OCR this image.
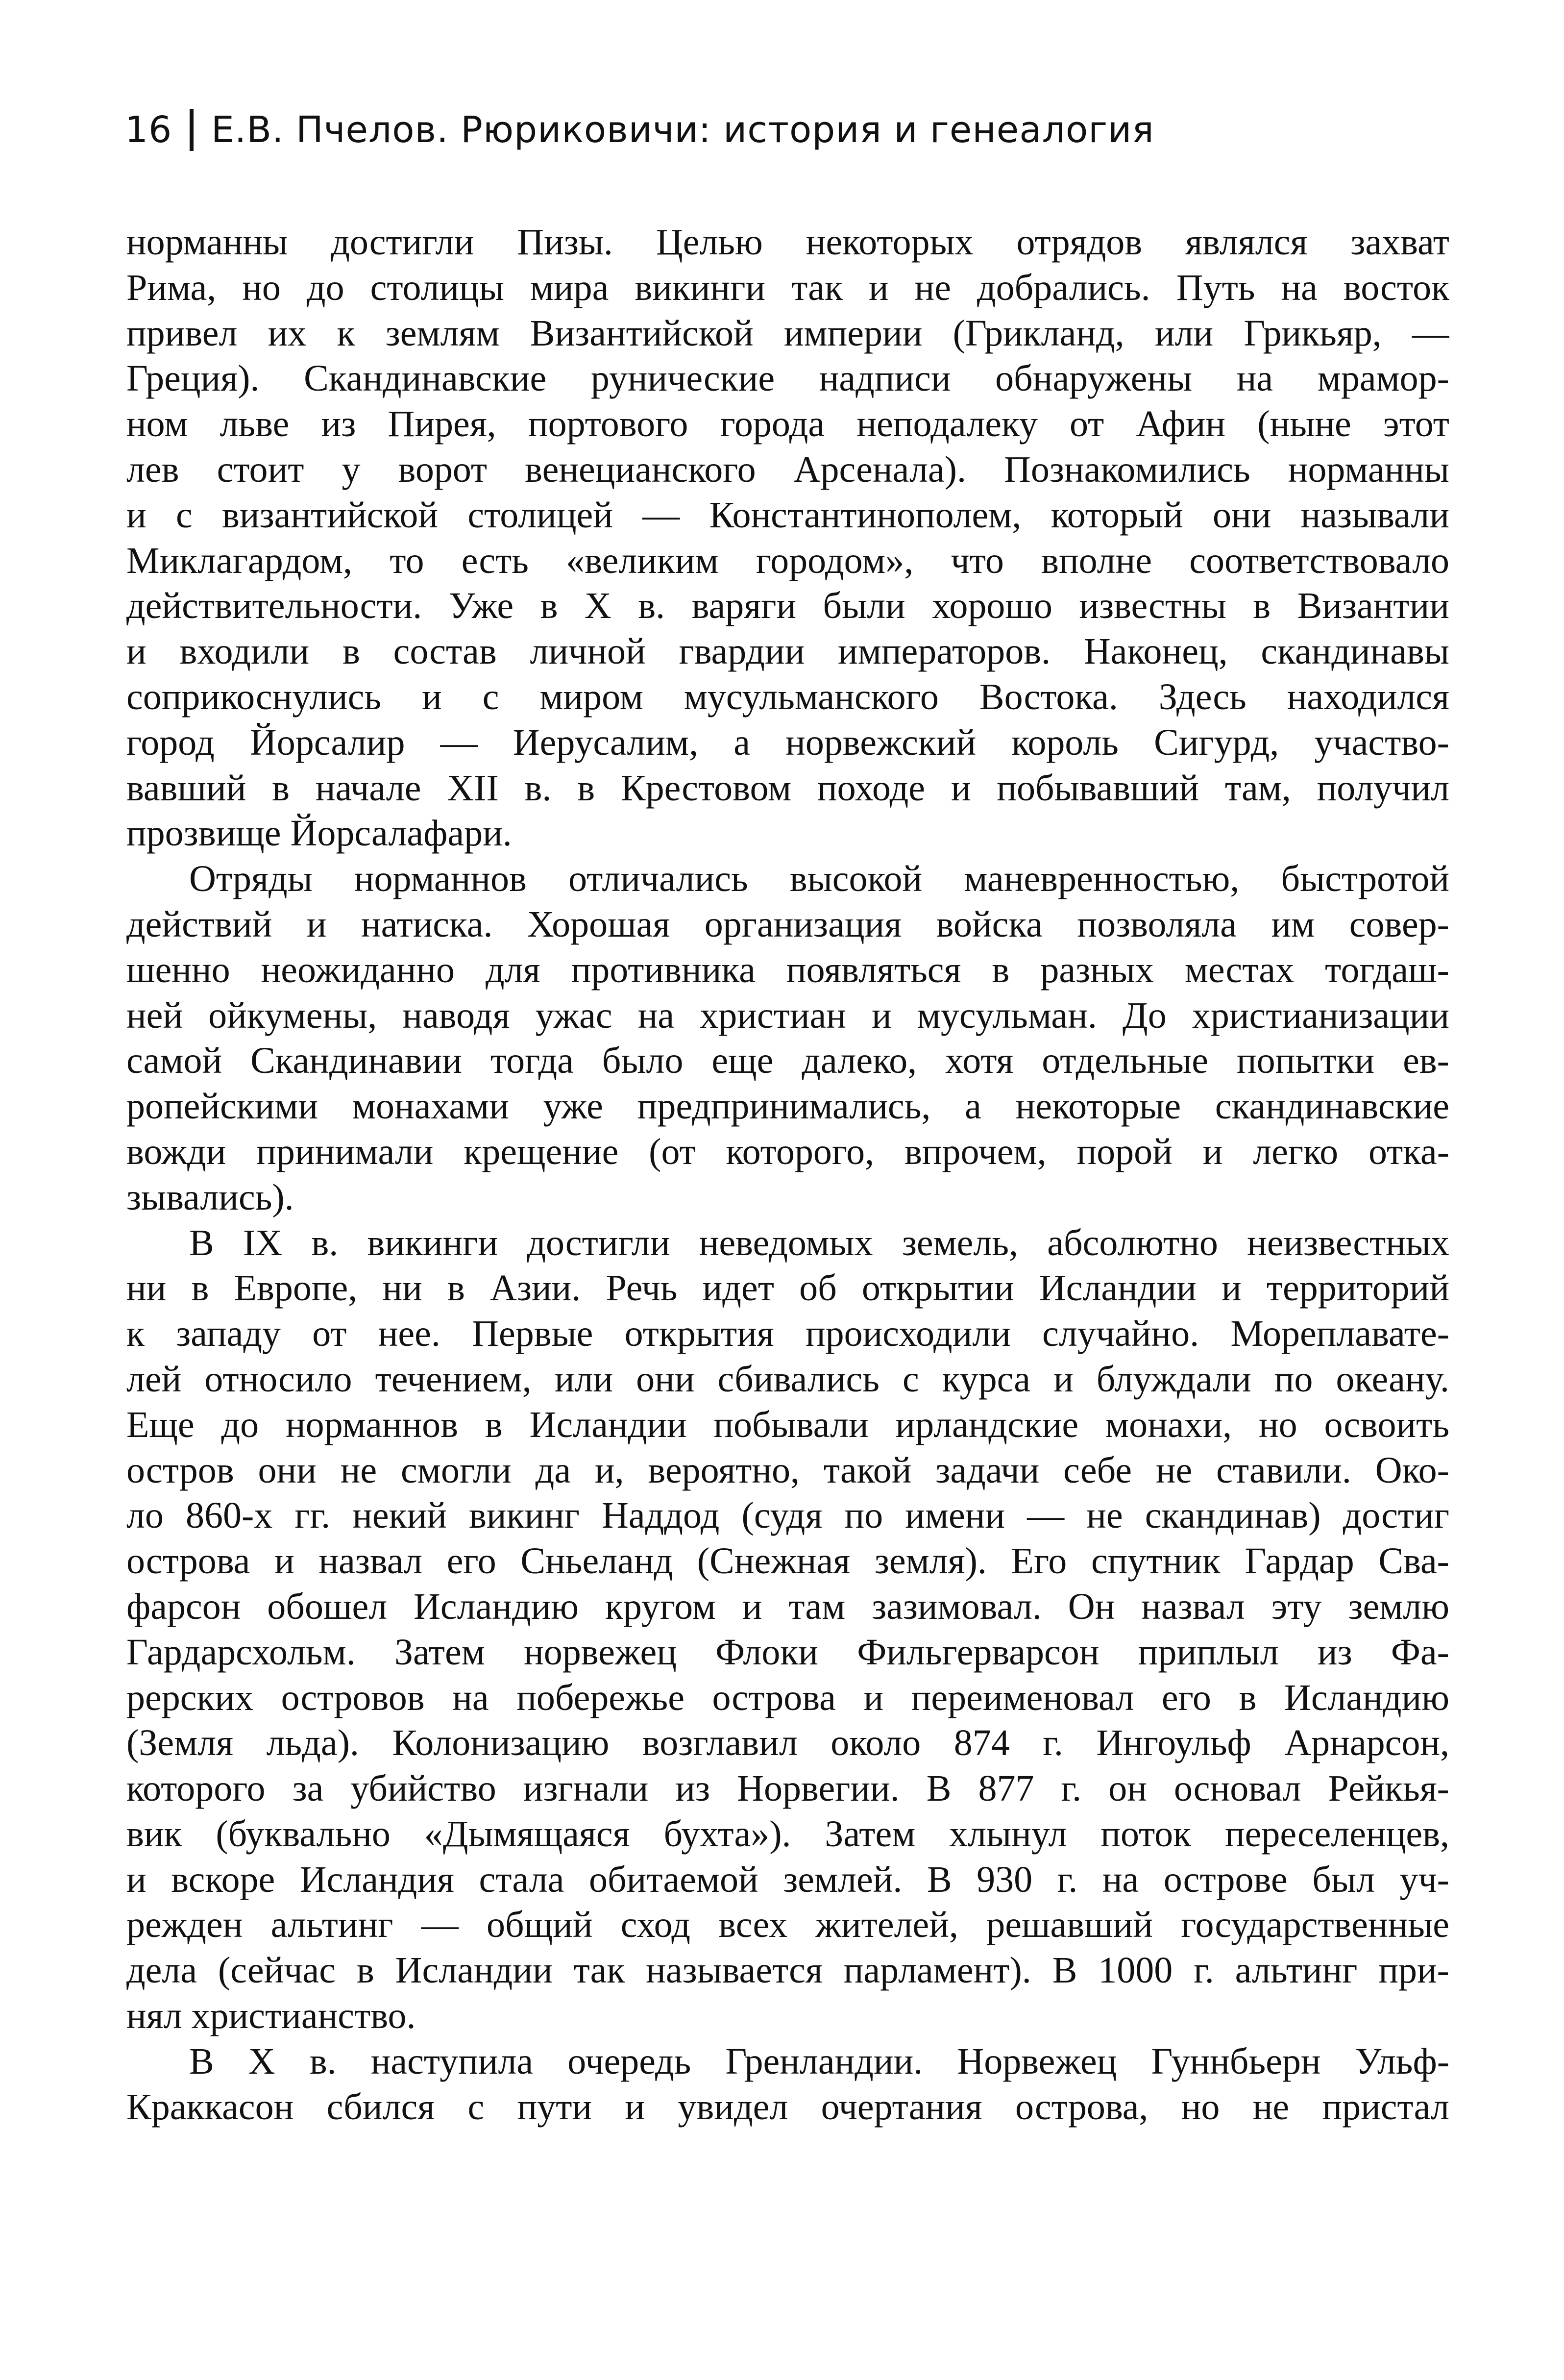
16 Е.В. Пчелов. Рюриковичи: история и генеалогия
норманны достигли Пизы. Целью некоторых отрядов являлся захват
Рима, но до столицы мира викинги так и не добрались. Путь на восток
привел их к землям Византийской империи (Грикланд, или Грикьяр, —
Греция). Скандинавские рунические надписи обнаружены на мрамор-
ном льве из Пирея, портового города неподалеку от Афин (ныне этот
лев стоит у ворот венецианского Арсенала). Познакомились норманны
и с византийской столицей — Константинополем, который они называли
Миклагардом, то есть «великим городом», что вполне соответствовало
действительности. Уже в X в. варяги были хорошо известны в Византии
и входили в состав личной гвардии императоров. Наконец, скандинавы
соприкоснулись и с миром мусульманского Востока. Здесь находился
город Йорсалир — Иерусалим, а норвежский король Сигурд, участво-
вавший в начале XII в. в Крестовом походе и побывавший там, получил
прозвище Йорсалафари.
Отряды норманнов отличались высокой маневренностью, быстротой
действий и натиска. Хорошая организация войска позволяла им совер-
шенно неожиданно для противника появляться в разных местах тогдаш-
ней ойкумены, наводя ужас на христиан и мусульман. До христианизации
самой Скандинавии тогда было еще далеко, хотя отдельные попытки ев-
ропейскими монахами уже предпринимались, а некоторые скандинавские
вожди принимали крещение (от которого, впрочем, порой и легко отка-
зывались).
В IX в. викинги достигли неведомых земель, абсолютно неизвестных
ни в Европе, ни в Азии. Речь идет об открытии Исландии и территорий
к западу от нее. Первые открытия происходили случайно. Мореплавате-
лей относило течением, или они сбивались с курса и блуждали по океану.
Еще до норманнов в Исландии побывали ирландские монахи, но освоить
остров они не смогли да и, вероятно, такой задачи себе не ставили. Око-
ло 860-х гг. некий викинг Наддод (судя по имени — не скандинав) достиг
острова и назвал его Сньеланд (Снежная земля). Его спутник Гардар Сва-
фарсон обошел Исландию кругом и там зазимовал. Он назвал эту землю
Гардарсхольм. Затем норвежец Флоки Фильгерварсон приплыл из Фа-
рерских островов на побережье острова и переименовал его в Исландию
(Земля льда). Колонизацию возглавил около 874 г. Ингоульф Арнарсон,
которого за убийство изгнали из Норвегии. В 877 г. он основал Рейкья-
вик (буквально «Дымящаяся бухта»). Затем хлынул поток переселенцев,
и вскоре Исландия стала обитаемой землей. В 930 г. на острове был уч-
режден альтинг — общий сход всех жителей, решавший государственные
дела (сейчас в Исландии так называется парламент). В 1000 г. альтинг при-
нял христианство.
В X в. наступила очередь Гренландии. Норвежец Гуннбьерн Ульф-
Краккасон сбился с пути и увидел очертания острова, но не пристал
